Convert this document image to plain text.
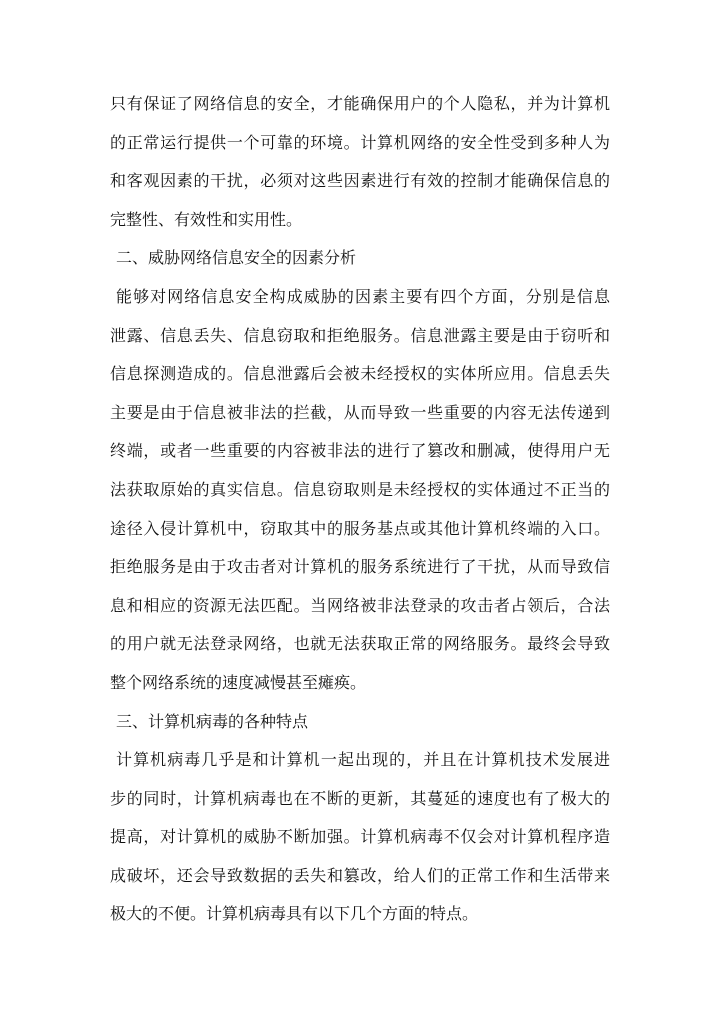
只有保证了网络信息的安全，才能确保用户的个人隐私，并为计算机
的正常运行提供一个可靠的环境。计算机网络的安全性受到多种人为
和客观因素的干扰，必须对这些因素进行有效的控制才能确保信息的
完整性、有效性和实用性。
二、威胁网络信息安全的因素分析
能够对网络信息安全构成威胁的因素主要有四个方面，分别是信息
泄露、信息丢失、信息窃取和拒绝服务。信息泄露主要是由于窃听和
信息探测造成的。信息泄露后会被未经授权的实体所应用。信息丢失
主要是由于信息被非法的拦截，从而导致一些重要的内容无法传递到
终端，或者一些重要的内容被非法的进行了篡改和删减，使得用户无
法获取原始的真实信息。信息窃取则是未经授权的实体通过不正当的
途径入侵计算机中，窃取其中的服务基点或其他计算机终端的入口。
拒绝服务是由于攻击者对计算机的服务系统进行了干扰，从而导致信
息和相应的资源无法匹配。当网络被非法登录的攻击者占领后，合法
的用户就无法登录网络，也就无法获取正常的网络服务。最终会导致
整个网络系统的速度减慢甚至瘫痪。
三、计算机病毒的各种特点
计算机病毒几乎是和计算机一起出现的，并且在计算机技术发展进
步的同时，计算机病毒也在不断的更新，其蔓延的速度也有了极大的
提高，对计算机的威胁不断加强。计算机病毒不仅会对计算机程序造
成破坏，还会导致数据的丢失和篡改，给人们的正常工作和生活带来
极大的不便。计算机病毒具有以下几个方面的特点。
